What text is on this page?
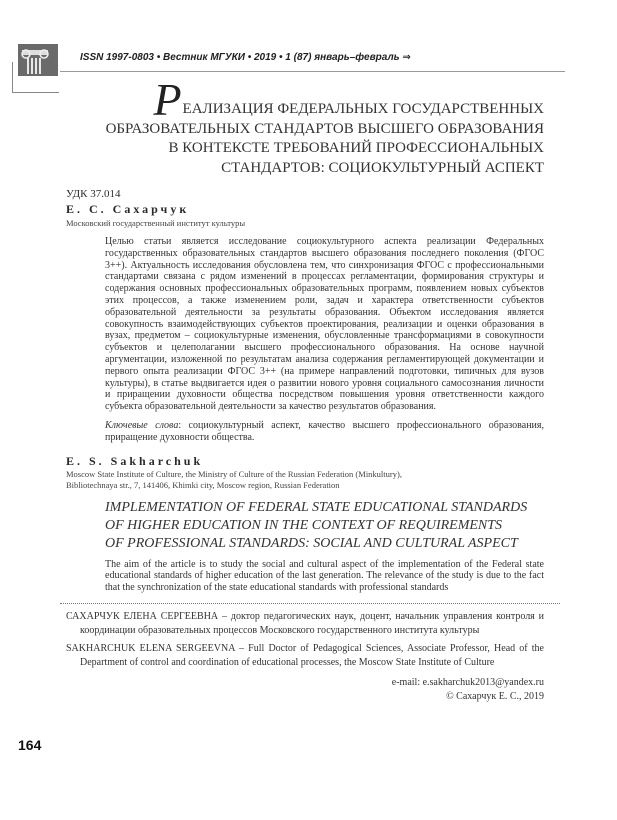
ISSN 1997-0803 • Вестник МГУКИ • 2019 • 1 (87) январь–февраль ⇒
РЕАЛИЗАЦИЯ ФЕДЕРАЛЬНЫХ ГОСУДАРСТВЕННЫХ
ОБРАЗОВАТЕЛЬНЫХ СТАНДАРТОВ ВЫСШЕГО ОБРАЗОВАНИЯ
В КОНТЕКСТЕ ТРЕБОВАНИЙ ПРОФЕССИОНАЛЬНЫХ
СТАНДАРТОВ: СОЦИОКУЛЬТУРНЫЙ АСПЕКТ
УДК 37.014
Е. С. Сахарчук
Московский государственный институт культуры
Целью статьи является исследование социокультурного аспекта реализации Федеральных государственных образовательных стандартов высшего образования последнего поколения (ФГОС 3++). Актуальность исследования обусловлена тем, что синхронизация ФГОС с профессиональными стандартами связана с рядом изменений в процессах регламентации, формирования структуры и содержания основных профессиональных образовательных программ, появлением новых субъектов этих процессов, а также изменением роли, задач и характера ответственности субъектов образовательной деятельности за результаты образования. Объектом исследования является совокупность взаимодействующих субъектов проектирования, реализации и оценки образования в вузах, предметом – социокультурные изменения, обусловленные трансформациями в совокупности субъектов и целеполагании высшего профессионального образования. На основе научной аргументации, изложенной по результатам анализа содержания регламентирующей документации и первого опыта реализации ФГОС 3++ (на примере направлений подготовки, типичных для вузов культуры), в статье выдвигается идея о развитии нового уровня социального самосознания личности и приращении духовности общества посредством повышения уровня ответственности каждого субъекта образовательной деятельности за качество результатов образования.
Ключевые слова: социокультурный аспект, качество высшего профессионального образования, приращение духовности общества.
E. S. Sakharchuk
Moscow State Institute of Culture, the Ministry of Culture of the Russian Federation (Minkultury),
Bibliotechnaya str., 7, 141406, Khimki city, Moscow region, Russian Federation
IMPLEMENTATION OF FEDERAL STATE EDUCATIONAL STANDARDS
OF HIGHER EDUCATION IN THE CONTEXT OF REQUIREMENTS
OF PROFESSIONAL STANDARDS: SOCIAL AND CULTURAL ASPECT
The aim of the article is to study the social and cultural aspect of the implementation of the Federal state educational standards of higher education of the last generation. The relevance of the study is due to the fact that the synchronization of the state educational standards with professional standards
САХАРЧУК ЕЛЕНА СЕРГЕЕВНА – доктор педагогических наук, доцент, начальник управления контроля и координации образовательных процессов Московского государственного института культуры
SAKHARCHUK ELENA SERGEEVNA – Full Doctor of Pedagogical Sciences, Associate Professor, Head of the Department of control and coordination of educational processes, the Moscow State Institute of Culture
e-mail: e.sakharchuk2013@yandex.ru
© Сахарчук Е. С., 2019
164
